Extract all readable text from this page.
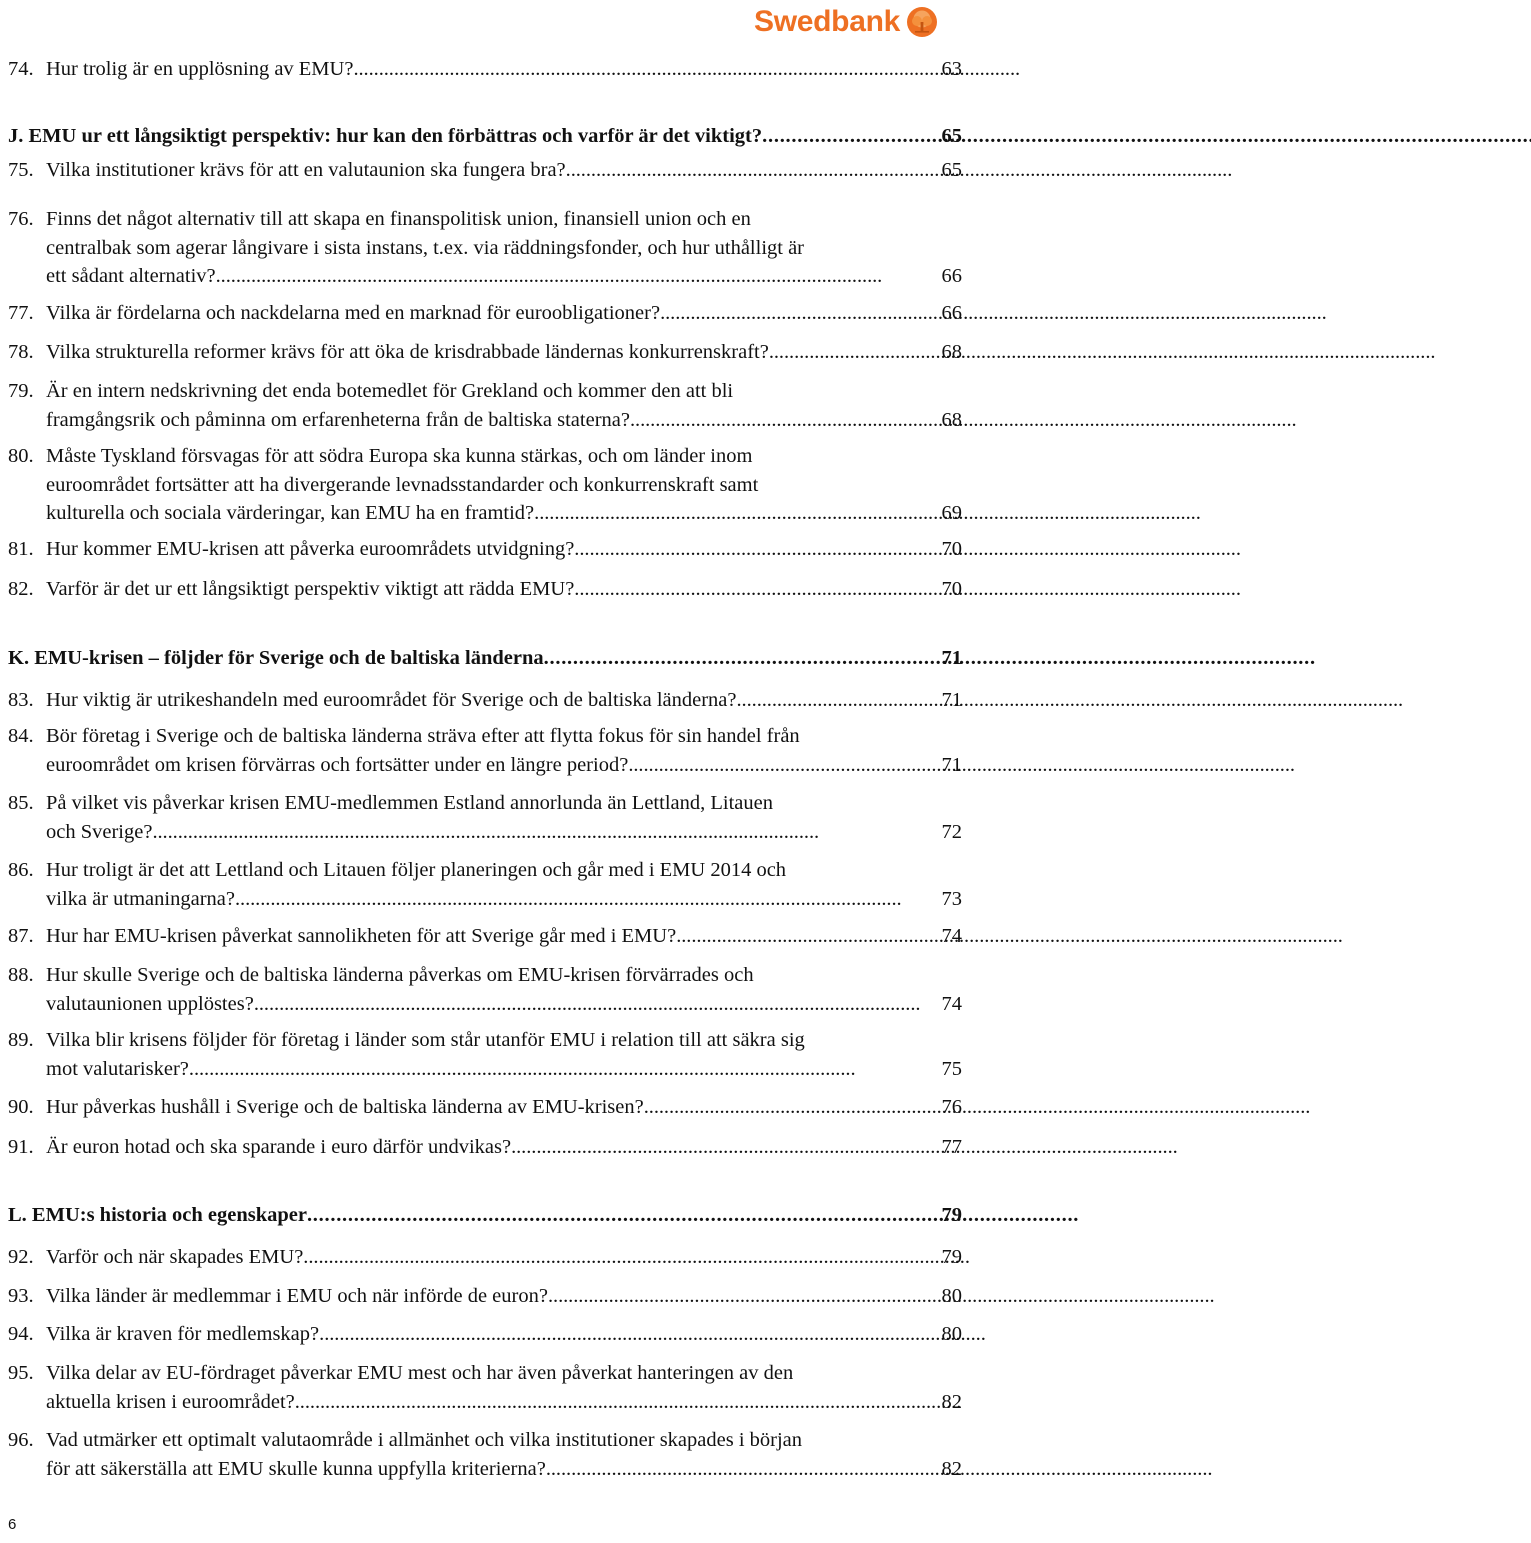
Swedbank
74. Hur trolig är en upplösning av EMU? . . .	63
J. EMU ur ett långsiktigt perspektiv: hur kan den förbättras och varför är det viktigt? . . .	65
75. Vilka institutioner krävs för att en valutaunion ska fungera bra? . . .	65
76. Finns det något alternativ till att skapa en finanspolitisk union, finansiell union och en
centralbak som agerar långivare i sista instans, t.ex. via räddningsfonder, och hur uthålligt är
ett sådant alternativ? . . .	66
77. Vilka är fördelarna och nackdelarna med en marknad för euroobligationer? . . .	66
78. Vilka strukturella reformer krävs för att öka de krisdrabbade ländernas konkurrenskraft? . . .	68
79. Är en intern nedskrivning det enda botemedlet för Grekland och kommer den att bli
framgångsrik och påminna om erfarenheterna från de baltiska staterna? . . .	68
80. Måste Tyskland försvagas för att södra Europa ska kunna stärkas, och om länder inom
euroområdet fortsätter att ha divergerande levnadsstandarder och konkurrenskraft samt
kulturella och sociala värderingar, kan EMU ha en framtid? . . .	69
81. Hur kommer EMU-krisen att påverka euroområdets utvidgning? . . .	70
82. Varför är det ur ett långsiktigt perspektiv viktigt att rädda EMU? . . .	70
K. EMU-krisen – följder för Sverige och de baltiska länderna . . .	71
83. Hur viktig är utrikeshandeln med euroområdet för Sverige och de baltiska länderna? . . .	71
84. Bör företag i Sverige och de baltiska länderna sträva efter att flytta fokus för sin handel från
euroområdet om krisen förvärras och fortsätter under en längre period? . . .	71
85. På vilket vis påverkar krisen EMU-medlemmen Estland annorlunda än Lettland, Litauen
och Sverige? . . .	72
86. Hur troligt är det att Lettland och Litauen följer planeringen och går med i EMU 2014 och
vilka är utmaningarna? . . .	73
87. Hur har EMU-krisen påverkat sannolikheten för att Sverige går med i EMU? . . .	74
88. Hur skulle Sverige och de baltiska länderna påverkas om EMU-krisen förvärrades och
valutaunionen upplöstes? . . .	74
89. Vilka blir krisens följder för företag i länder som står utanför EMU i relation till att säkra sig
mot valutarisker? . . .	75
90. Hur påverkas hushåll i Sverige och de baltiska länderna av EMU-krisen? . . .	76
91. Är euron hotad och ska sparande i euro därför undvikas? . . .	77
L. EMU:s historia och egenskaper . . .	79
92. Varför och när skapades EMU? . . .	79
93. Vilka länder är medlemmar i EMU och när införde de euron? . . .	80
94. Vilka är kraven för medlemskap? . . .	80
95. Vilka delar av EU-fördraget påverkar EMU mest och har även påverkat hanteringen av den
aktuella krisen i euroområdet? . . .	82
96. Vad utmärker ett optimalt valutaområde i allmänhet och vilka institutioner skapades i början
för att säkerställa att EMU skulle kunna uppfylla kriterierna? . . .	82
6
